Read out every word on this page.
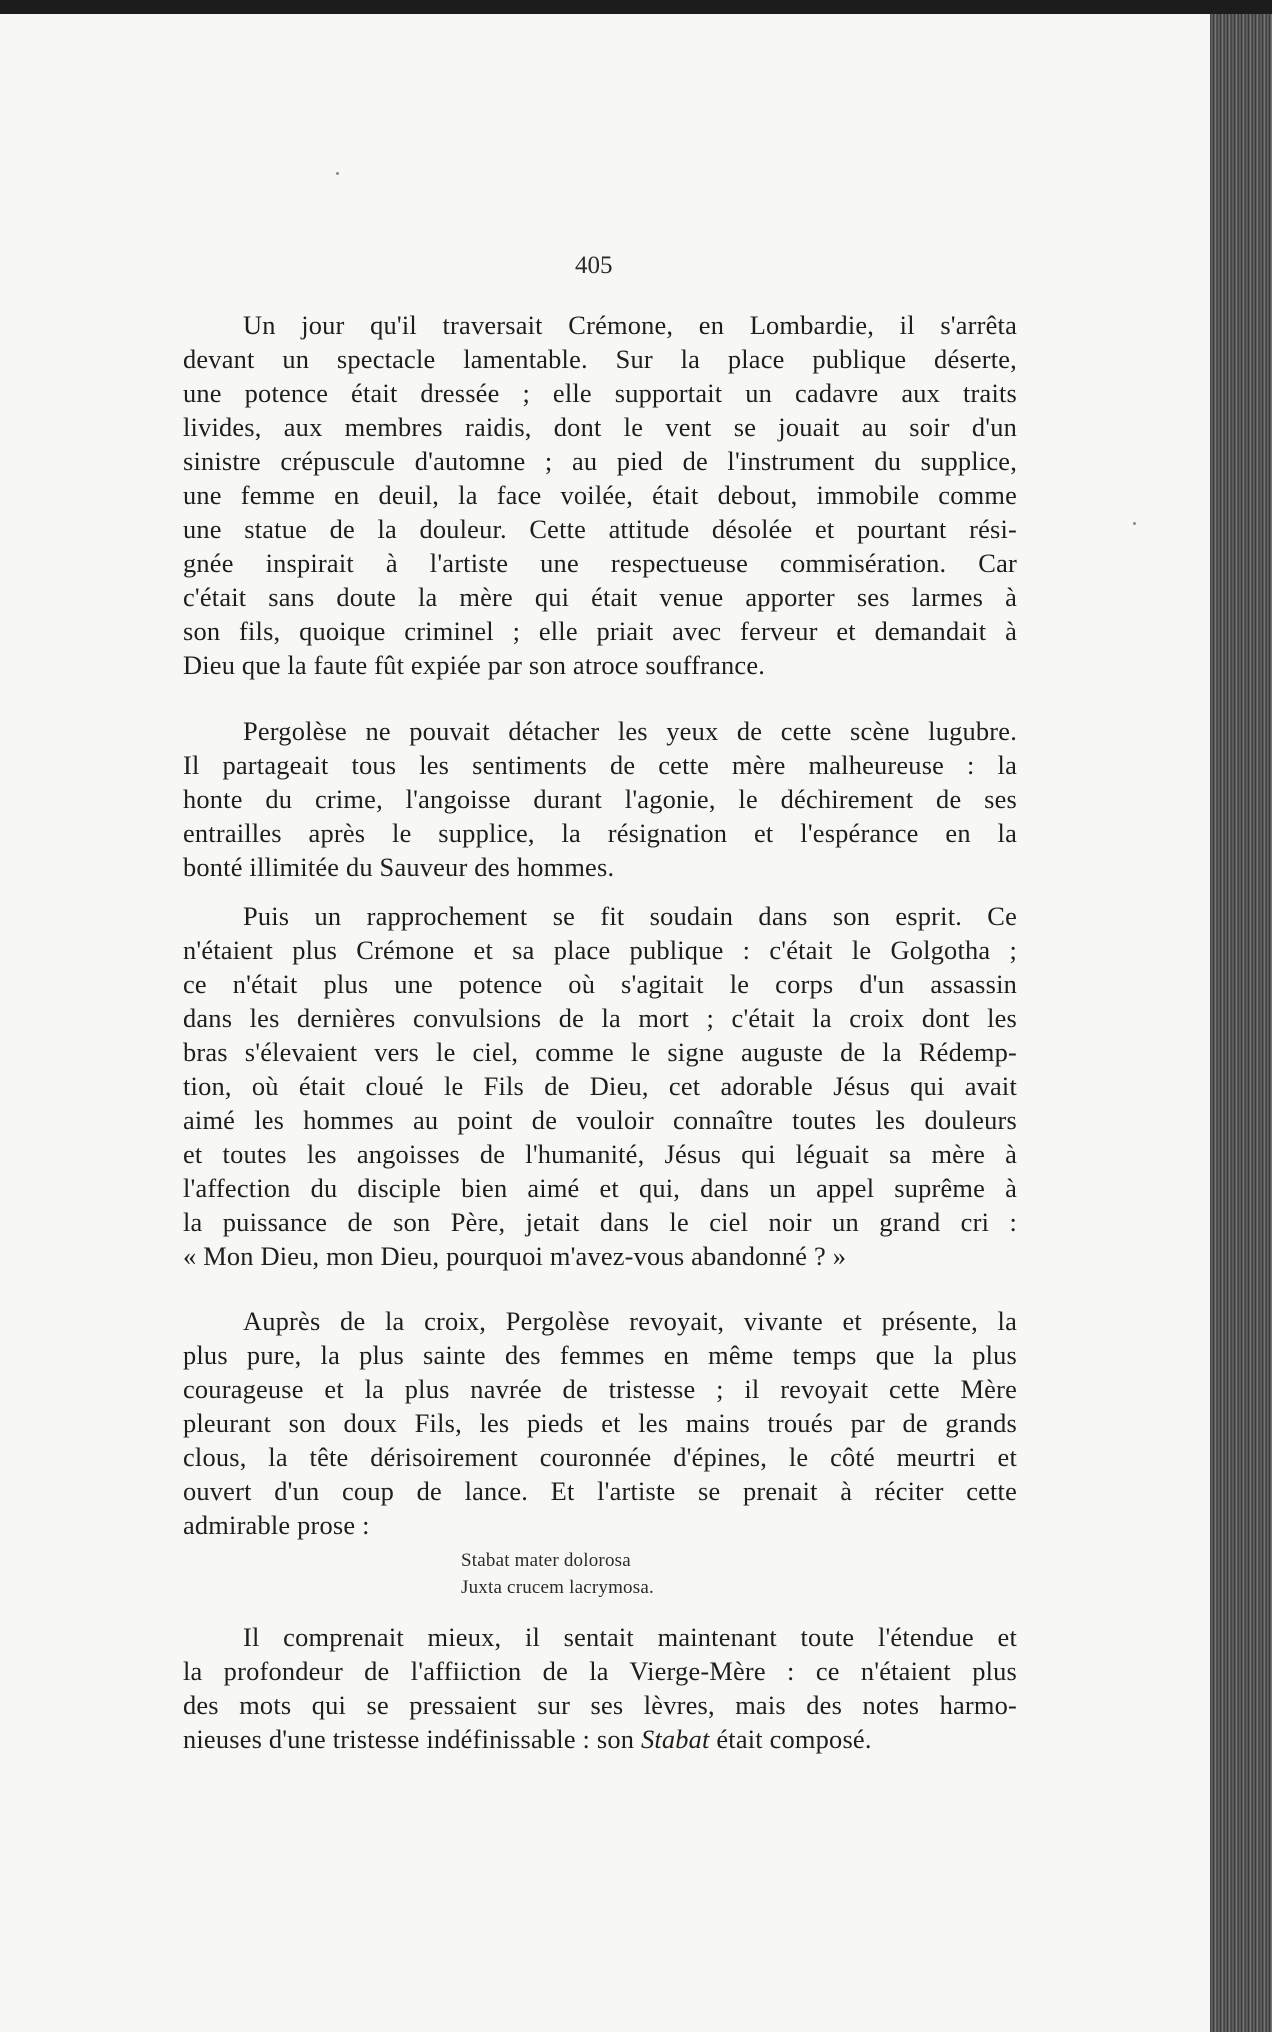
405
Un jour qu'il traversait Crémone, en Lombardie, il s'arrêta
devant un spectacle lamentable. Sur la place publique déserte,
une potence était dressée ; elle supportait un cadavre aux traits
livides, aux membres raidis, dont le vent se jouait au soir d'un
sinistre crépuscule d'automne ; au pied de l'instrument du supplice,
une femme en deuil, la face voilée, était debout, immobile comme
une statue de la douleur. Cette attitude désolée et pourtant rési-
gnée inspirait à l'artiste une respectueuse commisération. Car
c'était sans doute la mère qui était venue apporter ses larmes à
son fils, quoique criminel ; elle priait avec ferveur et demandait à
Dieu que la faute fût expiée par son atroce souffrance.
Pergolèse ne pouvait détacher les yeux de cette scène lugubre.
Il partageait tous les sentiments de cette mère malheureuse : la
honte du crime, l'angoisse durant l'agonie, le déchirement de ses
entrailles après le supplice, la résignation et l'espérance en la
bonté illimitée du Sauveur des hommes.
Puis un rapprochement se fit soudain dans son esprit. Ce
n'étaient plus Crémone et sa place publique : c'était le Golgotha ;
ce n'était plus une potence où s'agitait le corps d'un assassin
dans les dernières convulsions de la mort ; c'était la croix dont les
bras s'élevaient vers le ciel, comme le signe auguste de la Rédemp-
tion, où était cloué le Fils de Dieu, cet adorable Jésus qui avait
aimé les hommes au point de vouloir connaître toutes les douleurs
et toutes les angoisses de l'humanité, Jésus qui léguait sa mère à
l'affection du disciple bien aimé et qui, dans un appel suprême à
la puissance de son Père, jetait dans le ciel noir un grand cri :
« Mon Dieu, mon Dieu, pourquoi m'avez-vous abandonné ? »
Auprès de la croix, Pergolèse revoyait, vivante et présente, la
plus pure, la plus sainte des femmes en même temps que la plus
courageuse et la plus navrée de tristesse ; il revoyait cette Mère
pleurant son doux Fils, les pieds et les mains troués par de grands
clous, la tête dérisoirement couronnée d'épines, le côté meurtri et
ouvert d'un coup de lance. Et l'artiste se prenait à réciter cette
admirable prose :
Stabat mater dolorosa
Juxta crucem lacrymosa.
Il comprenait mieux, il sentait maintenant toute l'étendue et
la profondeur de l'affiiction de la Vierge-Mère : ce n'étaient plus
des mots qui se pressaient sur ses lèvres, mais des notes harmo-
nieuses d'une tristesse indéfinissable : son Stabat était composé.
